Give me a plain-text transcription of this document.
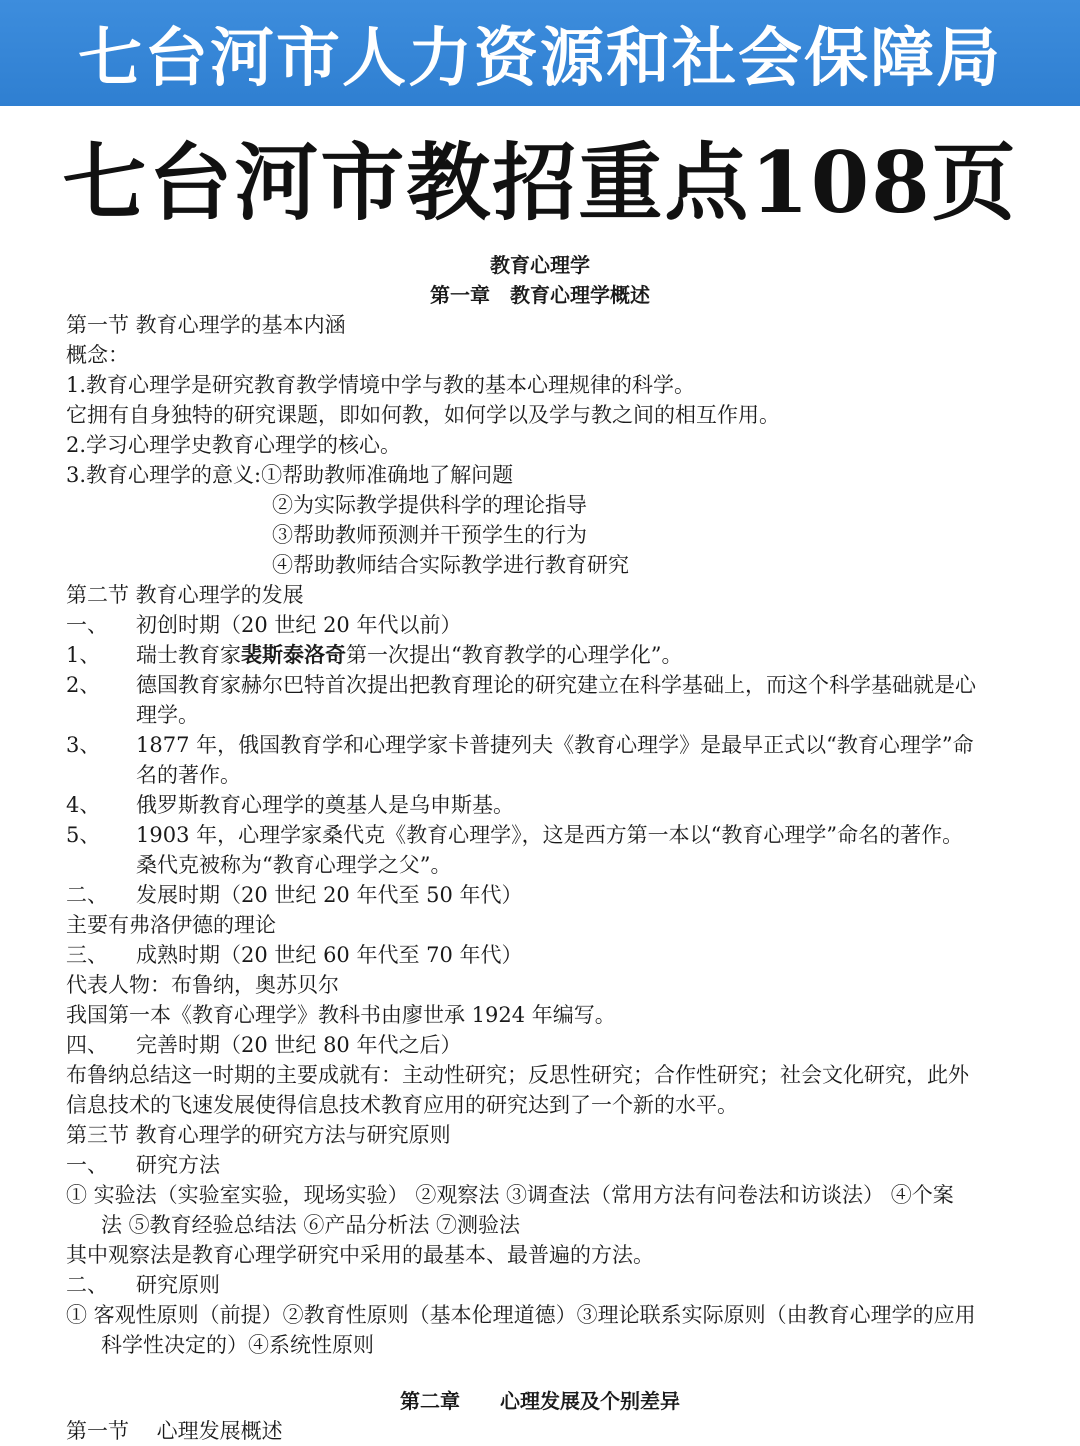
七台河市人力资源和社会保障局
七台河市教招重点108页
教育心理学
第一章　教育心理学概述
第一节 教育心理学的基本内涵
概念：
1.教育心理学是研究教育教学情境中学与教的基本心理规律的科学。
它拥有自身独特的研究课题，即如何教，如何学以及学与教之间的相互作用。
2.学习心理学史教育心理学的核心。
3.教育心理学的意义:①帮助教师准确地了解问题
②为实际教学提供科学的理论指导
③帮助教师预测并干预学生的行为
④帮助教师结合实际教学进行教育研究
第二节 教育心理学的发展
一、 初创时期（20 世纪 20 年代以前）
1、 瑞士教育家裴斯泰洛奇第一次提出“教育教学的心理学化”。
2、 德国教育家赫尔巴特首次提出把教育理论的研究建立在科学基础上，而这个科学基础就是心
理学。
3、 1877 年，俄国教育学和心理学家卡普捷列夫《教育心理学》是最早正式以“教育心理学”命
名的著作。
4、 俄罗斯教育心理学的奠基人是乌申斯基。
5、 1903 年，心理学家桑代克《教育心理学》，这是西方第一本以“教育心理学”命名的著作。
桑代克被称为“教育心理学之父”。
二、 发展时期（20 世纪 20 年代至 50 年代）
主要有弗洛伊德的理论
三、 成熟时期（20 世纪 60 年代至 70 年代）
代表人物：布鲁纳，奥苏贝尔
我国第一本《教育心理学》教科书由廖世承 1924 年编写。
四、 完善时期（20 世纪 80 年代之后）
布鲁纳总结这一时期的主要成就有：主动性研究；反思性研究；合作性研究；社会文化研究，此外
信息技术的飞速发展使得信息技术教育应用的研究达到了一个新的水平。
第三节 教育心理学的研究方法与研究原则
一、 研究方法
① 实验法（实验室实验，现场实验） ②观察法 ③调查法（常用方法有问卷法和访谈法） ④个案
法 ⑤教育经验总结法 ⑥产品分析法 ⑦测验法
其中观察法是教育心理学研究中采用的最基本、最普遍的方法。
二、 研究原则
① 客观性原则（前提）②教育性原则（基本伦理道德）③理论联系实际原则（由教育心理学的应用
科学性决定的）④系统性原则
第二章　　心理发展及个别差异
第一节　 心理发展概述
